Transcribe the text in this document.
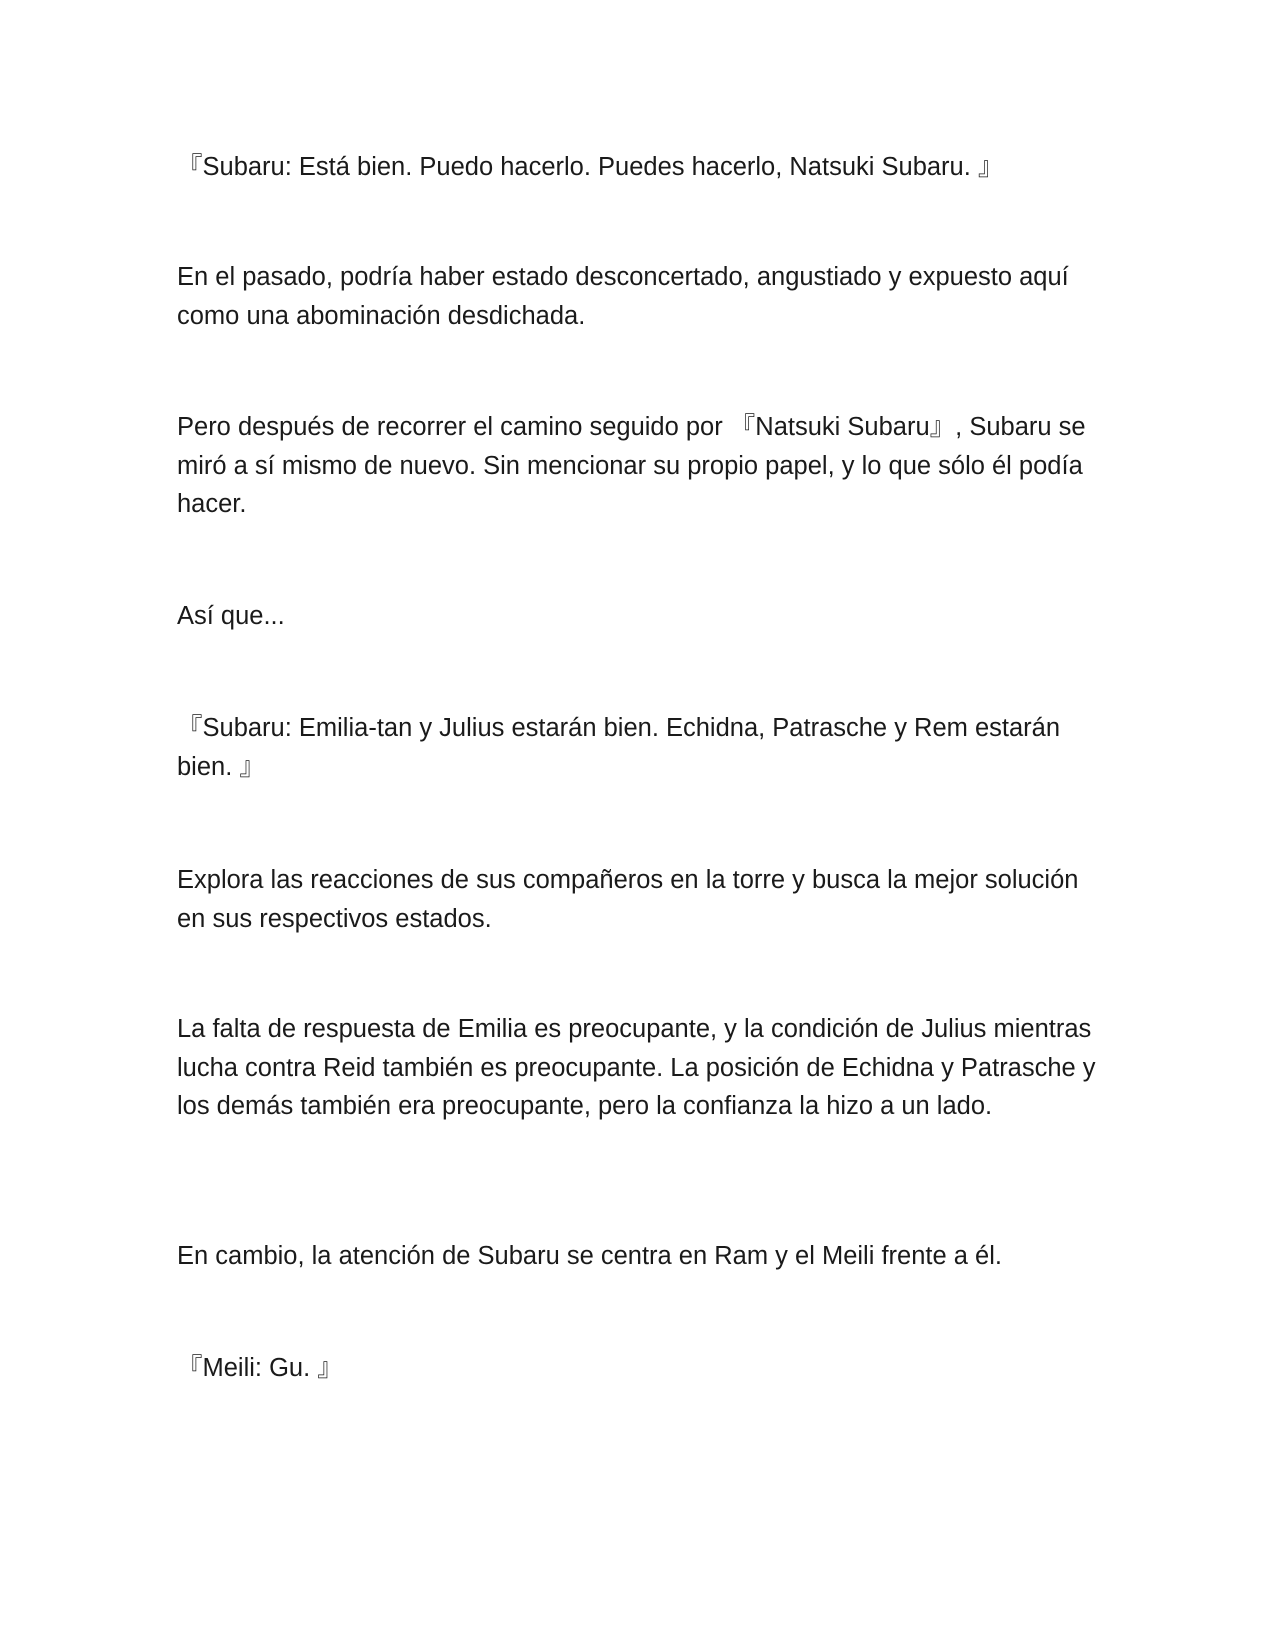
『Subaru: Está bien. Puedo hacerlo. Puedes hacerlo, Natsuki Subaru. 』

En el pasado, podría haber estado desconcertado, angustiado y expuesto aquí como una abominación desdichada.

Pero después de recorrer el camino seguido por 『Natsuki Subaru』, Subaru se miró a sí mismo de nuevo. Sin mencionar su propio papel, y lo que sólo él podía hacer.

Así que...

『Subaru: Emilia-tan y Julius estarán bien. Echidna, Patrasche y Rem estarán bien. 』

Explora las reacciones de sus compañeros en la torre y busca la mejor solución en sus respectivos estados.

La falta de respuesta de Emilia es preocupante, y la condición de Julius mientras lucha contra Reid también es preocupante. La posición de Echidna y Patrasche y los demás también era preocupante, pero la confianza la hizo a un lado.

En cambio, la atención de Subaru se centra en Ram y el Meili frente a él.

『Meili: Gu. 』
